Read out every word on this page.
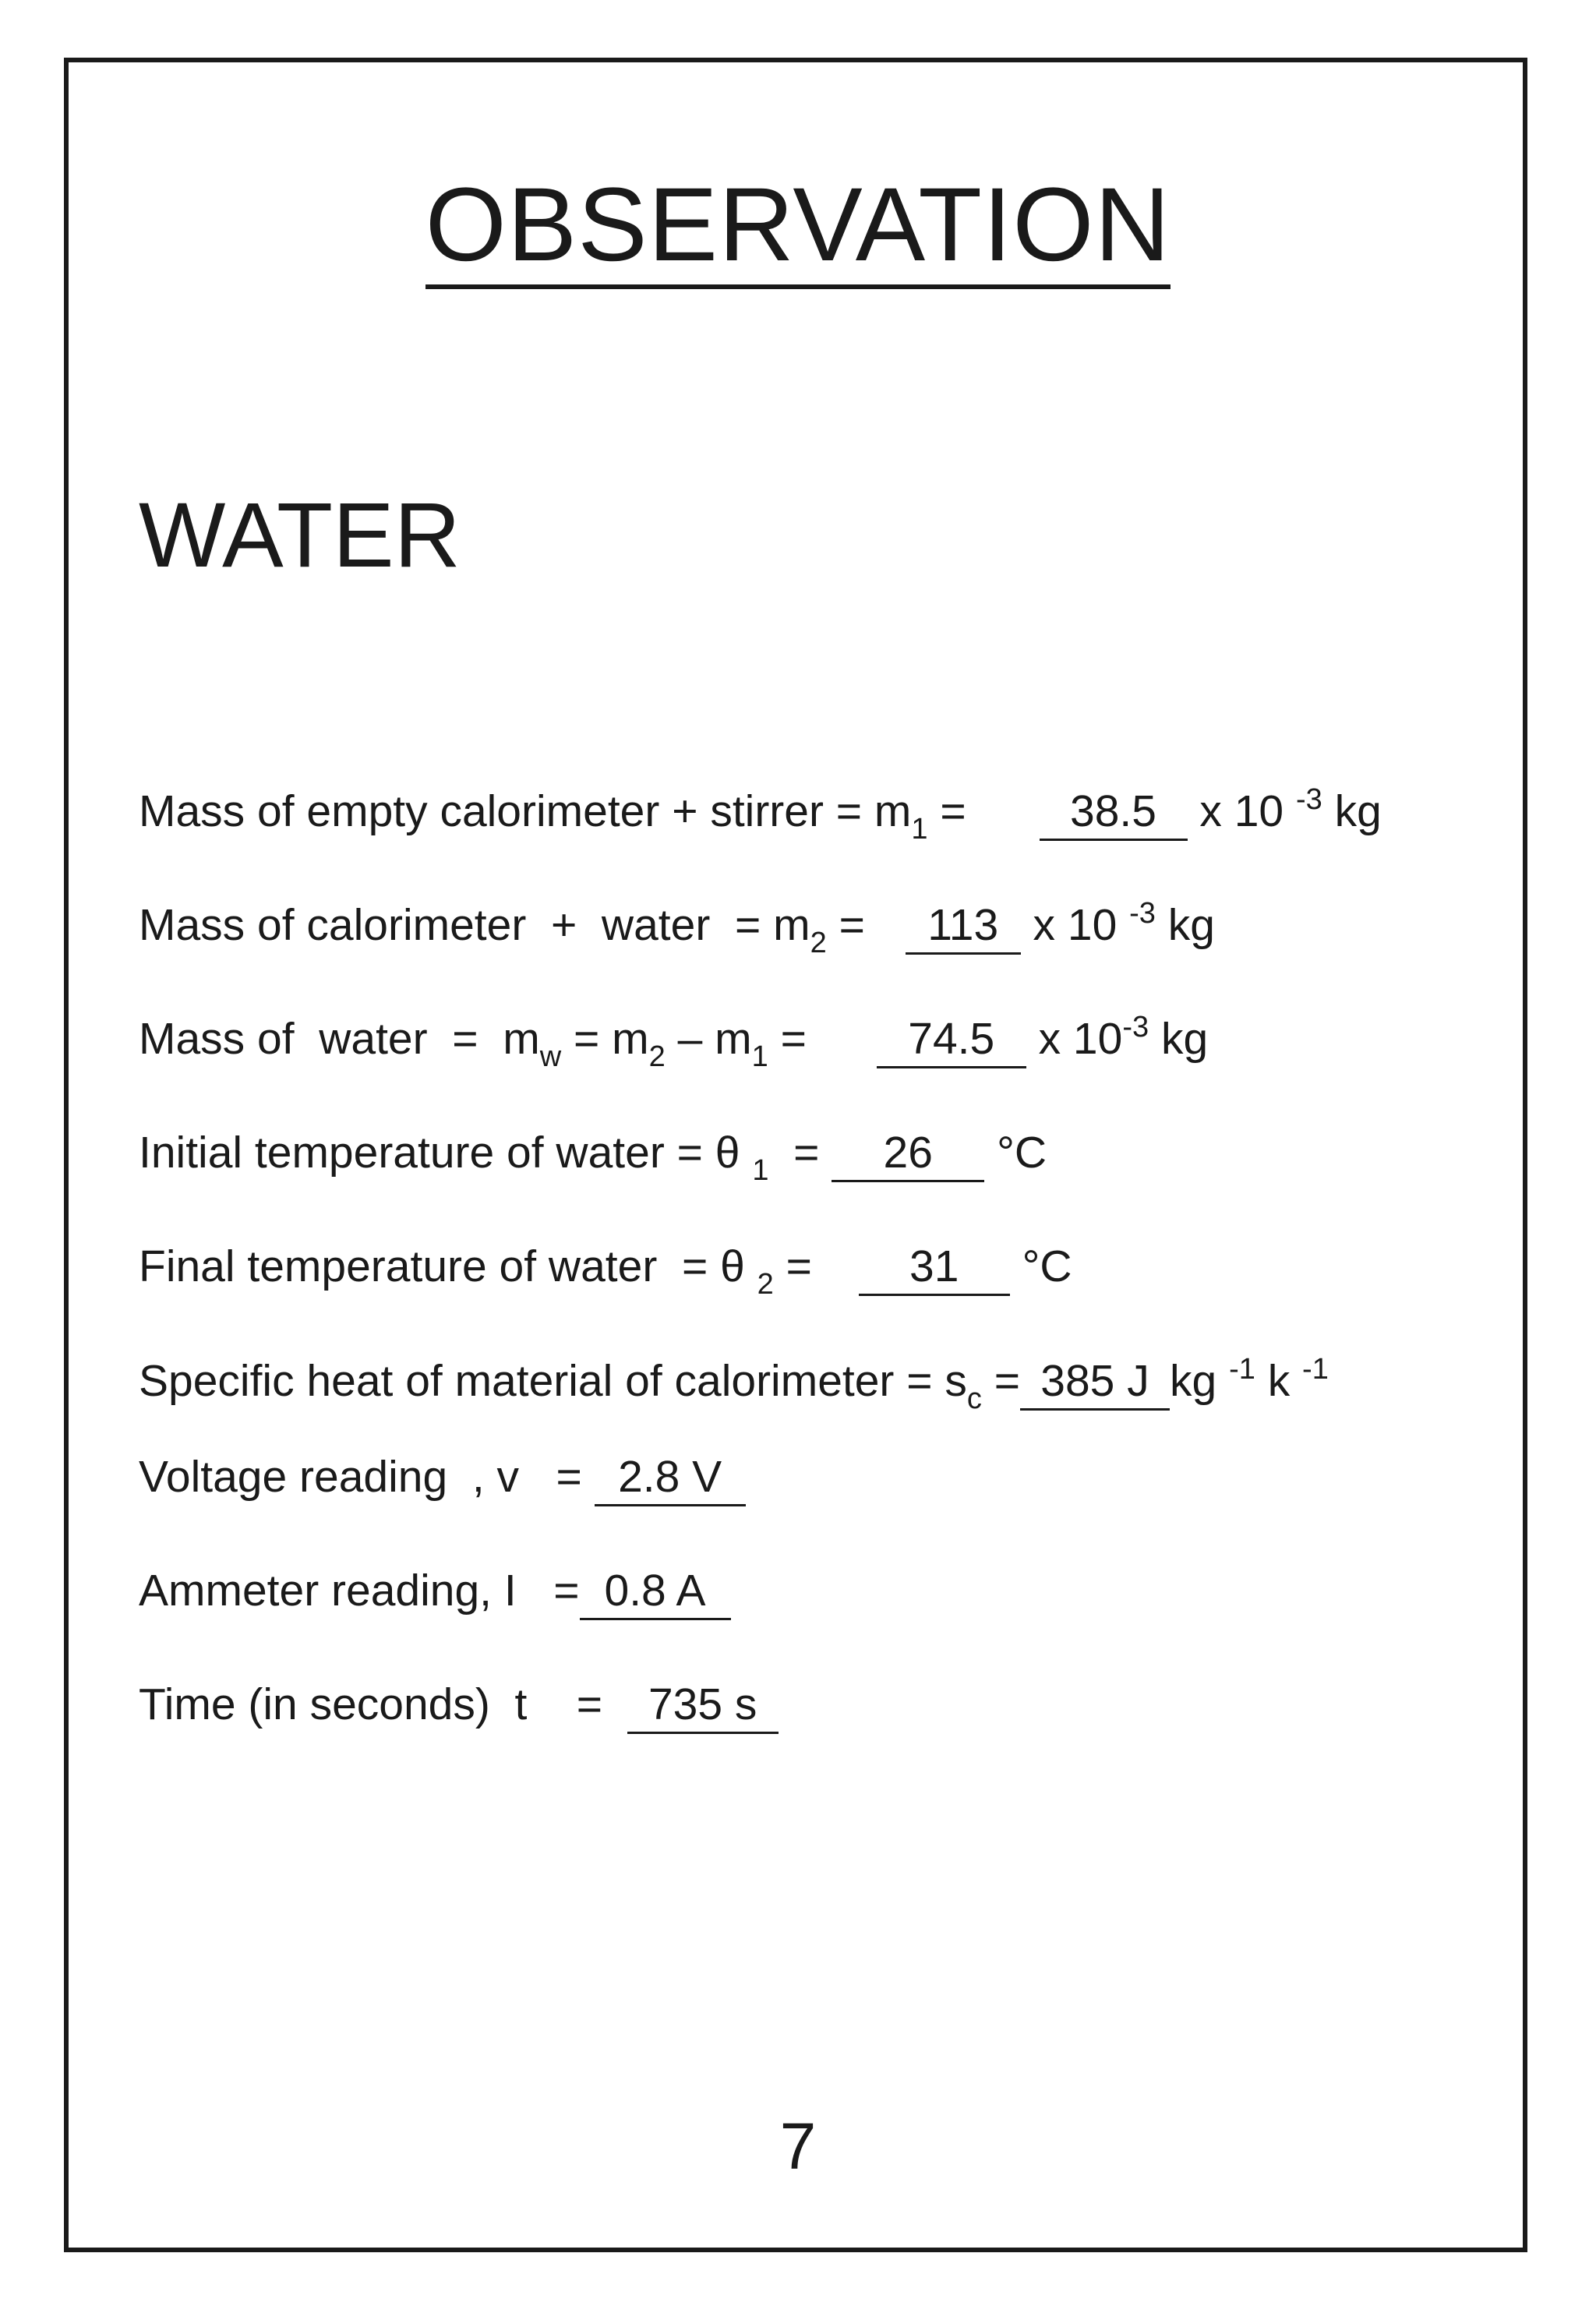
OBSERVATION
WATER
Mass of empty calorimeter + stirrer = $m_1 = 38.5$ x 10 $^{-3}$ kg
Mass of calorimeter  +  water  = $m_2 = 113$ x 10 $^{-3}$ kg
Mass of  water  =  $m_w = m_2 - m_1 = 74.5$ x $10^{-3}$ kg
Initial temperature of water = θ $_1$  = 26 °C
Final temperature of water  = θ $_2$ = 31 °C
Specific heat of material of calorimeter = $s_c = 385$ J kg $^{-1}$ k $^{-1}$
Voltage reading  , v   = 2.8 V
Ammeter reading, I   = 0.8 A
Time (in seconds)  t    =  735 s
7
